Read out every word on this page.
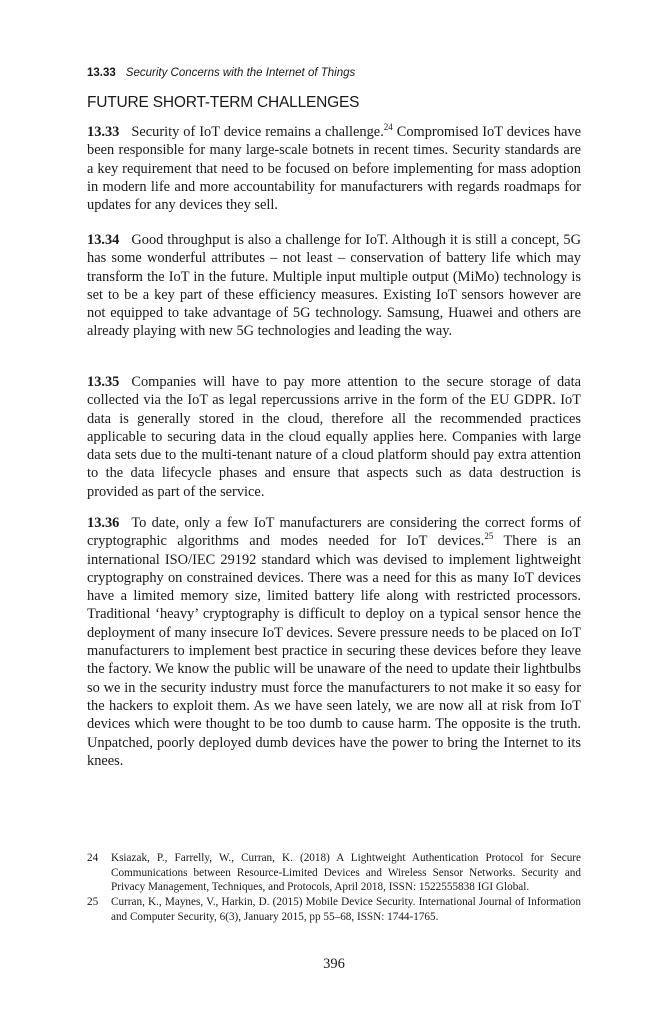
13.33 Security Concerns with the Internet of Things
FUTURE SHORT-TERM CHALLENGES

13.33 Security of IoT device remains a challenge.$^{24}$ Compromised IoT devices have been responsible for many large-scale botnets in recent times. Security standards are a key requirement that need to be focused on before implementing for mass adoption in modern life and more accountability for manufacturers with regards roadmaps for updates for any devices they sell.

13.34 Good throughput is also a challenge for IoT. Although it is still a concept, 5G has some wonderful attributes – not least – conservation of battery life which may transform the IoT in the future. Multiple input multiple output (MiMo) technology is set to be a key part of these efficiency measures. Existing IoT sensors however are not equipped to take advantage of 5G technology. Samsung, Huawei and others are already playing with new 5G technologies and leading the way.

13.35 Companies will have to pay more attention to the secure storage of data collected via the IoT as legal repercussions arrive in the form of the EU GDPR. IoT data is generally stored in the cloud, therefore all the recommended practices applicable to securing data in the cloud equally applies here. Companies with large data sets due to the multi-tenant nature of a cloud platform should pay extra attention to the data lifecycle phases and ensure that aspects such as data destruction is provided as part of the service.

13.36 To date, only a few IoT manufacturers are considering the correct forms of cryptographic algorithms and modes needed for IoT devices.$^{25}$ There is an international ISO/IEC 29192 standard which was devised to implement lightweight cryptography on constrained devices. There was a need for this as many IoT devices have a limited memory size, limited battery life along with restricted processors. Traditional ‘heavy’ cryptography is difficult to deploy on a typical sensor hence the deployment of many insecure IoT devices. Severe pressure needs to be placed on IoT manufacturers to implement best practice in securing these devices before they leave the factory. We know the public will be unaware of the need to update their lightbulbs so we in the security industry must force the manufacturers to not make it so easy for the hackers to exploit them. As we have seen lately, we are now all at risk from IoT devices which were thought to be too dumb to cause harm. The opposite is the truth. Unpatched, poorly deployed dumb devices have the power to bring the Internet to its knees.

24 Ksiazak, P., Farrelly, W., Curran, K. (2018) A Lightweight Authentication Protocol for Secure Communications between Resource-Limited Devices and Wireless Sensor Networks. Security and Privacy Management, Techniques, and Protocols, April 2018, ISSN: 1522555838 IGI Global.
25 Curran, K., Maynes, V., Harkin, D. (2015) Mobile Device Security. International Journal of Information and Computer Security, 6(3), January 2015, pp 55–68, ISSN: 1744-1765.
396
